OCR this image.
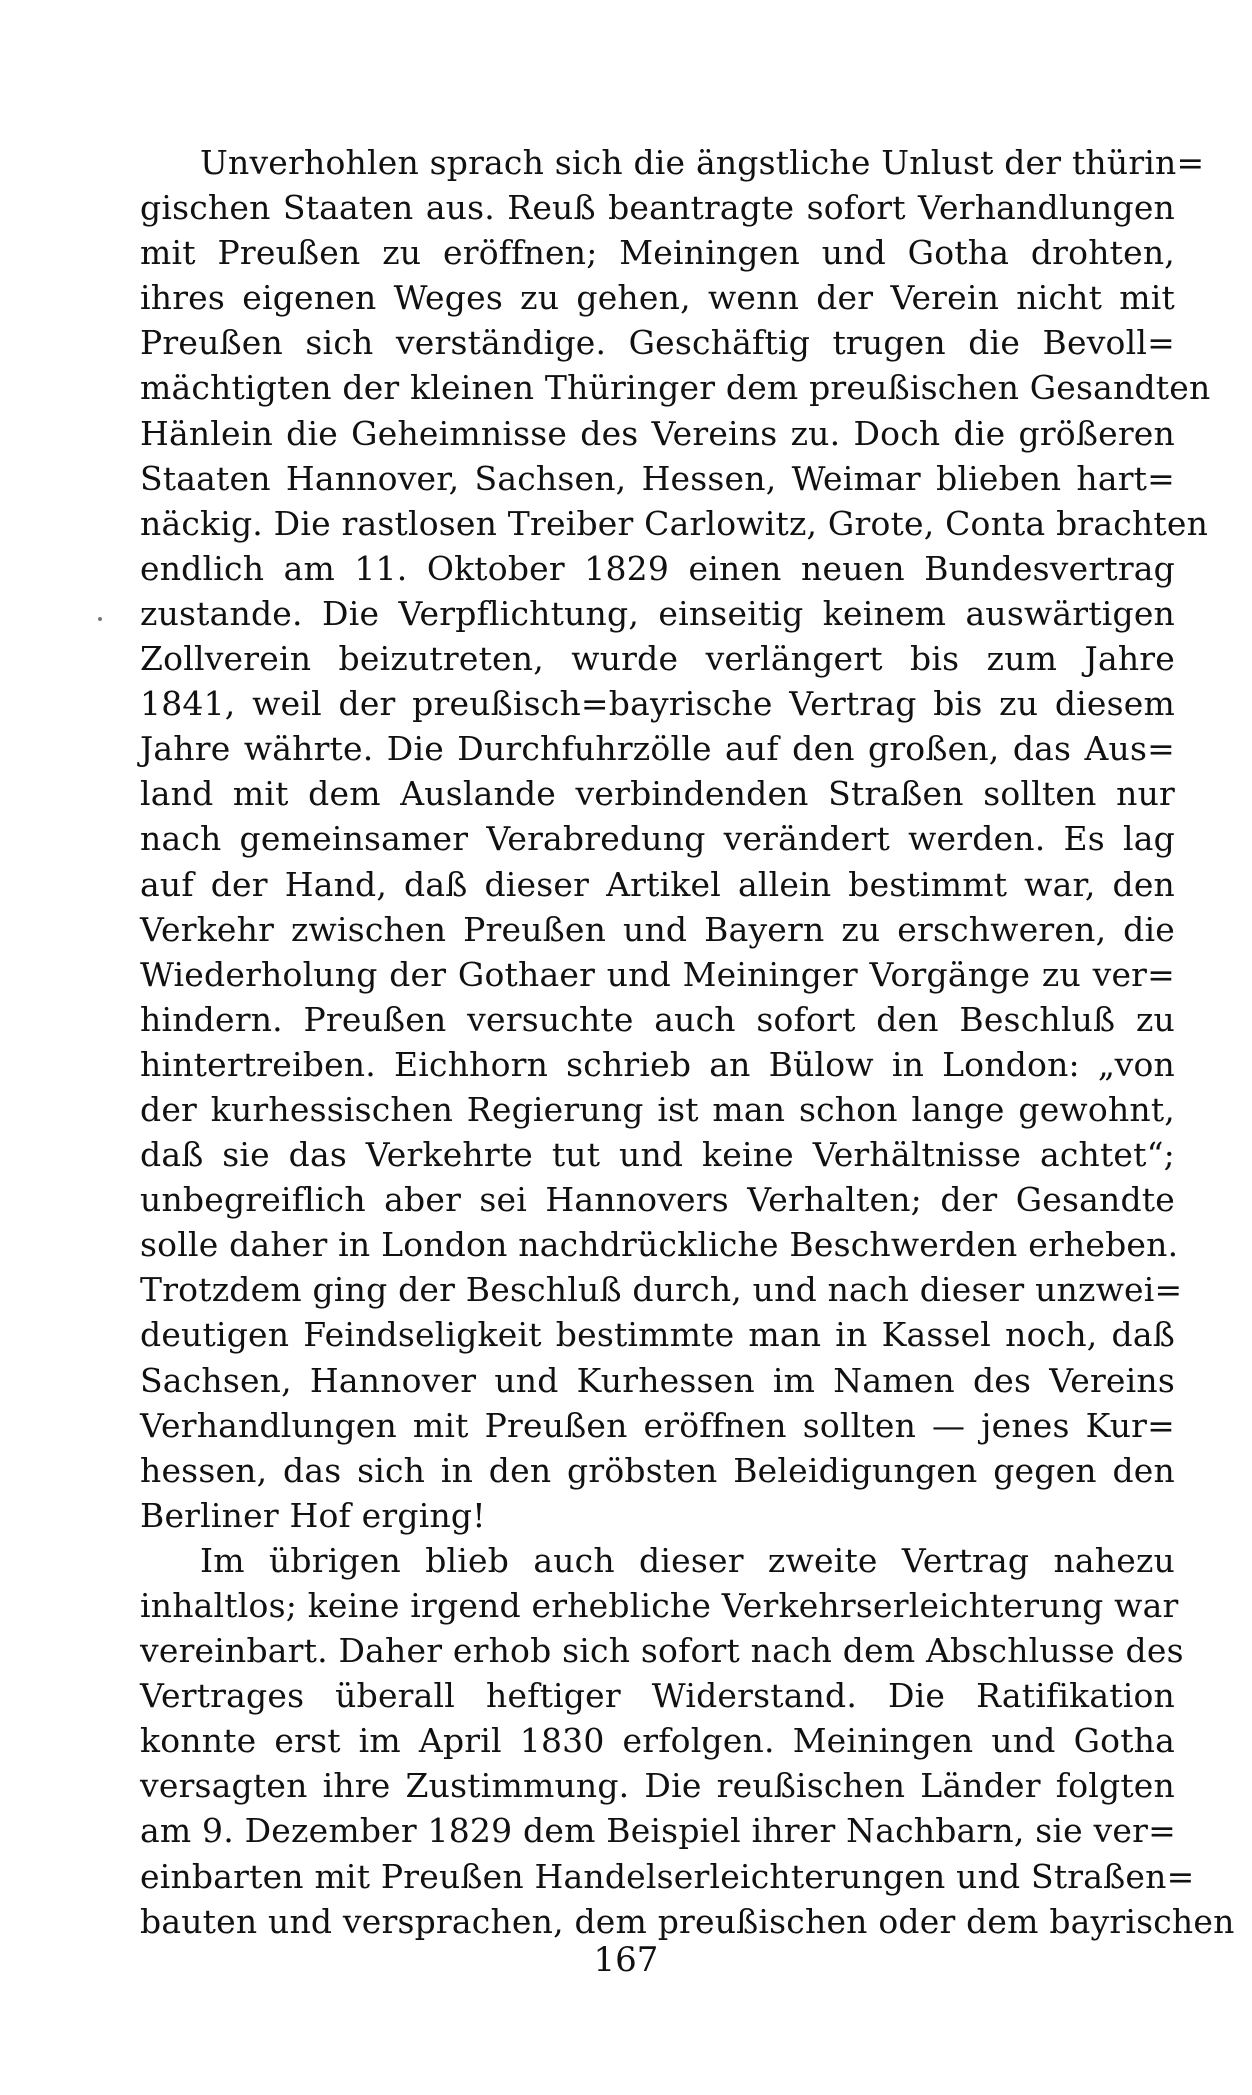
Unverhohlen sprach sich die ängstliche Unlust der thürin=
gischen Staaten aus. Reuß beantragte sofort Verhandlungen
mit Preußen zu eröffnen; Meiningen und Gotha drohten,
ihres eigenen Weges zu gehen, wenn der Verein nicht mit
Preußen sich verständige. Geschäftig trugen die Bevoll=
mächtigten der kleinen Thüringer dem preußischen Gesandten
Hänlein die Geheimnisse des Vereins zu. Doch die größeren
Staaten Hannover, Sachsen, Hessen, Weimar blieben hart=
näckig. Die rastlosen Treiber Carlowitz, Grote, Conta brachten
endlich am 11. Oktober 1829 einen neuen Bundesvertrag
zustande. Die Verpflichtung, einseitig keinem auswärtigen
Zollverein beizutreten, wurde verlängert bis zum Jahre
1841, weil der preußisch=bayrische Vertrag bis zu diesem
Jahre währte. Die Durchfuhrzölle auf den großen, das Aus=
land mit dem Auslande verbindenden Straßen sollten nur
nach gemeinsamer Verabredung verändert werden. Es lag
auf der Hand, daß dieser Artikel allein bestimmt war, den
Verkehr zwischen Preußen und Bayern zu erschweren, die
Wiederholung der Gothaer und Meininger Vorgänge zu ver=
hindern. Preußen versuchte auch sofort den Beschluß zu
hintertreiben. Eichhorn schrieb an Bülow in London: „von
der kurhessischen Regierung ist man schon lange gewohnt,
daß sie das Verkehrte tut und keine Verhältnisse achtet“;
unbegreiflich aber sei Hannovers Verhalten; der Gesandte
solle daher in London nachdrückliche Beschwerden erheben.
Trotzdem ging der Beschluß durch, und nach dieser unzwei=
deutigen Feindseligkeit bestimmte man in Kassel noch, daß
Sachsen, Hannover und Kurhessen im Namen des Vereins
Verhandlungen mit Preußen eröffnen sollten — jenes Kur=
hessen, das sich in den gröbsten Beleidigungen gegen den
Berliner Hof erging!
Im übrigen blieb auch dieser zweite Vertrag nahezu
inhaltlos; keine irgend erhebliche Verkehrserleichterung war
vereinbart. Daher erhob sich sofort nach dem Abschlusse des
Vertrages überall heftiger Widerstand. Die Ratifikation
konnte erst im April 1830 erfolgen. Meiningen und Gotha
versagten ihre Zustimmung. Die reußischen Länder folgten
am 9. Dezember 1829 dem Beispiel ihrer Nachbarn, sie ver=
einbarten mit Preußen Handelserleichterungen und Straßen=
bauten und versprachen, dem preußischen oder dem bayrischen
167
